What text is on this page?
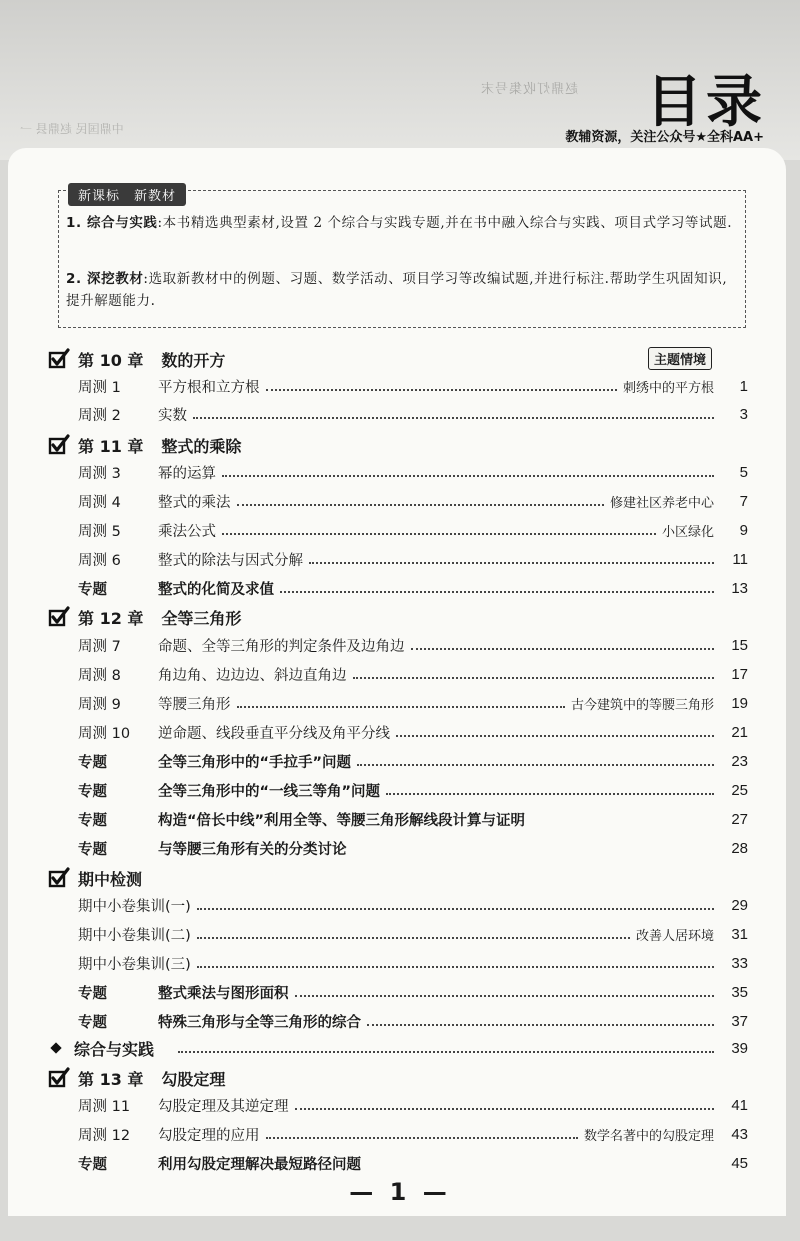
赵鼎灯收集号末
中鼎国民 赵鼎县 一	目录
教辅资源，关注公众号★全科AA+
新课标 新教材
1. 综合与实践:本书精选典型素材,设置 2 个综合与实践专题,并在书中融入综合与实践、项目式学习等试题.
2. 深挖教材:选取新教材中的例题、习题、数学活动、项目学习等改编试题,并进行标注.帮助学生巩固知识,提升解题能力.
主题情境
第 10 章 数的开方
周测 1	平方根和立方根	刺绣中的平方根	1
周测 2	实数	3
第 11 章 整式的乘除
周测 3	幂的运算	5
周测 4	整式的乘法	修建社区养老中心	7
周测 5	乘法公式	小区绿化	9
周测 6	整式的除法与因式分解	11
专题	整式的化简及求值	13
第 12 章 全等三角形
周测 7	命题、全等三角形的判定条件及边角边	15
周测 8	角边角、边边边、斜边直角边	17
周测 9	等腰三角形	古今建筑中的等腰三角形	19
周测 10	逆命题、线段垂直平分线及角平分线	21
专题	全等三角形中的“手拉手”问题	23
专题	全等三角形中的“一线三等角”问题	25
专题	构造“倍长中线”利用全等、等腰三角形解线段计算与证明	27
专题	与等腰三角形有关的分类讨论	28
期中检测
期中小卷集训(一)	29
期中小卷集训(二)	改善人居环境	31
期中小卷集训(三)	33
专题	整式乘法与图形面积	35
专题	特殊三角形与全等三角形的综合	37
综合与实践	39
第 13 章 勾股定理
周测 11	勾股定理及其逆定理	41
周测 12	勾股定理的应用	数学名著中的勾股定理	43
专题	利用勾股定理解决最短路径问题	45
— 1 —
